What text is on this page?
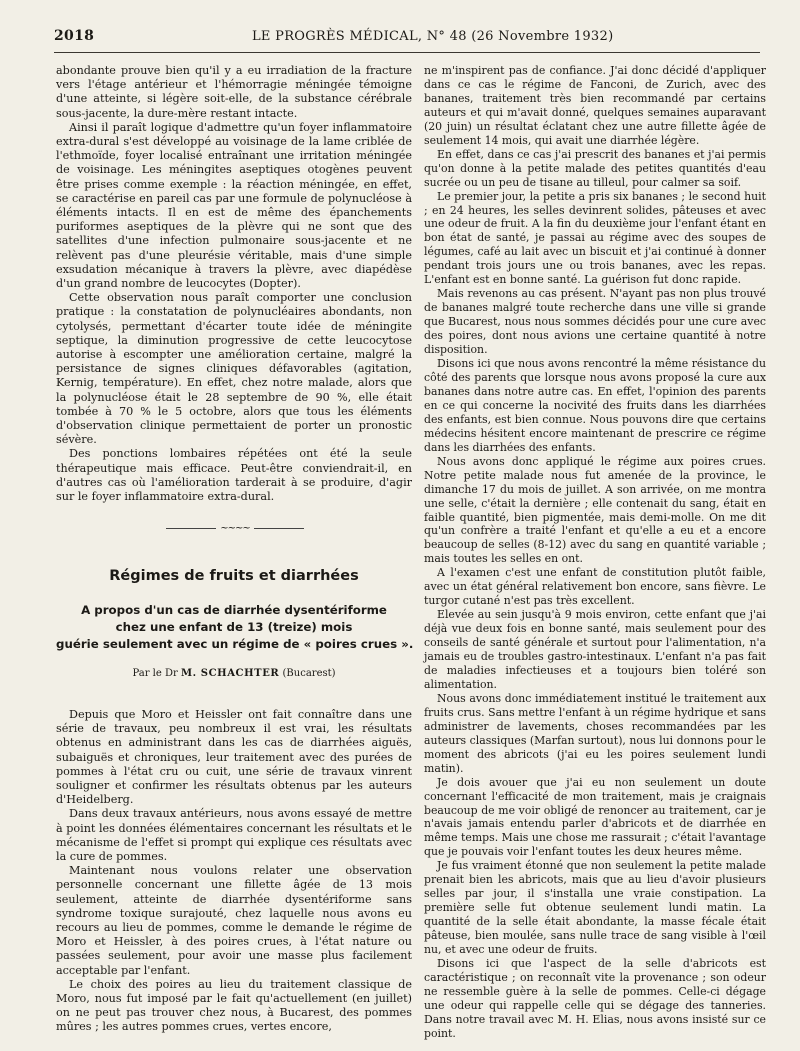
2018	LE PROGRÈS MÉDICAL, N° 48 (26 Novembre 1932)

abondante prouve bien qu'il y a eu irradiation de la fracture vers l'étage antérieur et l'hémorragie méningée témoigne d'une atteinte, si légère soit-elle, de la substance cérébrale sous-jacente, la dure-mère restant intacte.

Ainsi il paraît logique d'admettre qu'un foyer inflammatoire extra-dural s'est développé au voisinage de la lame criblée de l'ethmoïde, foyer localisé entraînant une irritation méningée de voisinage. Les méningites aseptiques otogènes peuvent être prises comme exemple : la réaction méningée, en effet, se caractérise en pareil cas par une formule de polynucléose à éléments intacts. Il en est de même des épanchements puriformes aseptiques de la plèvre qui ne sont que des satellites d'une infection pulmonaire sous-jacente et ne relèvent pas d'une pleurésie véritable, mais d'une simple exsudation mécanique à travers la plèvre, avec diapédèse d'un grand nombre de leucocytes (Dopter).

Cette observation nous paraît comporter une conclusion pratique : la constatation de polynucléaires abondants, non cytolysés, permettant d'écarter toute idée de méningite septique, la diminution progressive de cette leucocytose autorise à escompter une amélioration certaine, malgré la persistance de signes cliniques défavorables (agitation, Kernig, température). En effet, chez notre malade, alors que la polynucléose était le 28 septembre de 90 %, elle était tombée à 70 % le 5 octobre, alors que tous les éléments d'observation clinique permettaient de porter un pronostic sévère.

Des ponctions lombaires répétées ont été la seule thérapeutique mais efficace. Peut-être conviendrait-il, en d'autres cas où l'amélioration tarderait à se produire, d'agir sur le foyer inflammatoire extra-dural.

~~~~
Régimes de fruits et diarrhées
A propos d'un cas de diarrhée dysentériforme
chez une enfant de 13 (treize) mois
guérie seulement avec un régime de « poires crues ».
Par le Dr M. SCHACHTER (Bucarest)

Depuis que Moro et Heissler ont fait connaître dans une série de travaux, peu nombreux il est vrai, les résultats obtenus en administrant dans les cas de diarrhées aiguës, subaiguës et chroniques, leur traitement avec des purées de pommes à l'état cru ou cuit, une série de travaux vinrent souligner et confirmer les résultats obtenus par les auteurs d'Heidelberg.

Dans deux travaux antérieurs, nous avons essayé de mettre à point les données élémentaires concernant les résultats et le mécanisme de l'effet si prompt qui explique ces résultats avec la cure de pommes.

Maintenant nous voulons relater une observation personnelle concernant une fillette âgée de 13 mois seulement, atteinte de diarrhée dysentériforme sans syndrome toxique surajouté, chez laquelle nous avons eu recours au lieu de pommes, comme le demande le régime de Moro et Heissler, à des poires crues, à l'état nature ou passées seulement, pour avoir une masse plus facilement acceptable par l'enfant.

Le choix des poires au lieu du traitement classique de Moro, nous fut imposé par le fait qu'actuellement (en juillet) on ne peut pas trouver chez nous, à Bucarest, des pommes mûres ; les autres pommes crues, vertes encore,

ne m'inspirent pas de confiance. J'ai donc décidé d'appliquer dans ce cas le régime de Fanconi, de Zurich, avec des bananes, traitement très bien recommandé par certains auteurs et qui m'avait donné, quelques semaines auparavant (20 juin) un résultat éclatant chez une autre fillette âgée de seulement 14 mois, qui avait une diarrhée légère.

En effet, dans ce cas j'ai prescrit des bananes et j'ai permis qu'on donne à la petite malade des petites quantités d'eau sucrée ou un peu de tisane au tilleul, pour calmer sa soif.

Le premier jour, la petite a pris six bananes ; le second huit ; en 24 heures, les selles devinrent solides, pâteuses et avec une odeur de fruit. A la fin du deuxième jour l'enfant étant en bon état de santé, je passai au régime avec des soupes de légumes, café au lait avec un biscuit et j'ai continué à donner pendant trois jours une ou trois bananes, avec les repas. L'enfant est en bonne santé. La guérison fut donc rapide.

Mais revenons au cas présent. N'ayant pas non plus trouvé de bananes malgré toute recherche dans une ville si grande que Bucarest, nous nous sommes décidés pour une cure avec des poires, dont nous avions une certaine quantité à notre disposition.

Disons ici que nous avons rencontré la même résistance du côté des parents que lorsque nous avons proposé la cure aux bananes dans notre autre cas. En effet, l'opinion des parents en ce qui concerne la nocivité des fruits dans les diarrhées des enfants, est bien connue. Nous pouvons dire que certains médecins hésitent encore maintenant de prescrire ce régime dans les diarrhées des enfants.

Nous avons donc appliqué le régime aux poires crues. Notre petite malade nous fut amenée de la province, le dimanche 17 du mois de juillet. A son arrivée, on me montra une selle, c'était la dernière ; elle contenait du sang, était en faible quantité, bien pigmentée, mais demi-molle. On me dit qu'un confrère a traité l'enfant et qu'elle a eu et a encore beaucoup de selles (8-12) avec du sang en quantité variable ; mais toutes les selles en ont.

A l'examen c'est une enfant de constitution plutôt faible, avec un état général relativement bon encore, sans fièvre. Le turgor cutané n'est pas très excellent.

Elevée au sein jusqu'à 9 mois environ, cette enfant que j'ai déjà vue deux fois en bonne santé, mais seulement pour des conseils de santé générale et surtout pour l'alimentation, n'a jamais eu de troubles gastro-intestinaux. L'enfant n'a pas fait de maladies infectieuses et a toujours bien toléré son alimentation.

Nous avons donc immédiatement institué le traitement aux fruits crus. Sans mettre l'enfant à un régime hydrique et sans administrer de lavements, choses recommandées par les auteurs classiques (Marfan surtout), nous lui donnons pour le moment des abricots (j'ai eu les poires seulement lundi matin).

Je dois avouer que j'ai eu non seulement un doute concernant l'efficacité de mon traitement, mais je craignais beaucoup de me voir obligé de renoncer au traitement, car je n'avais jamais entendu parler d'abricots et de diarrhée en même temps. Mais une chose me rassurait ; c'était l'avantage que je pouvais voir l'enfant toutes les deux heures même.

Je fus vraiment étonné que non seulement la petite malade prenait bien les abricots, mais que au lieu d'avoir plusieurs selles par jour, il s'installa une vraie constipation. La première selle fut obtenue seulement lundi matin. La quantité de la selle était abondante, la masse fécale était pâteuse, bien moulée, sans nulle trace de sang visible à l'œil nu, et avec une odeur de fruits.

Disons ici que l'aspect de la selle d'abricots est caractéristique ; on reconnaît vite la provenance ; son odeur ne ressemble guère à la selle de pommes. Celle-ci dégage une odeur qui rappelle celle qui se dégage des tanneries. Dans notre travail avec M. H. Elias, nous avons insisté sur ce point.
